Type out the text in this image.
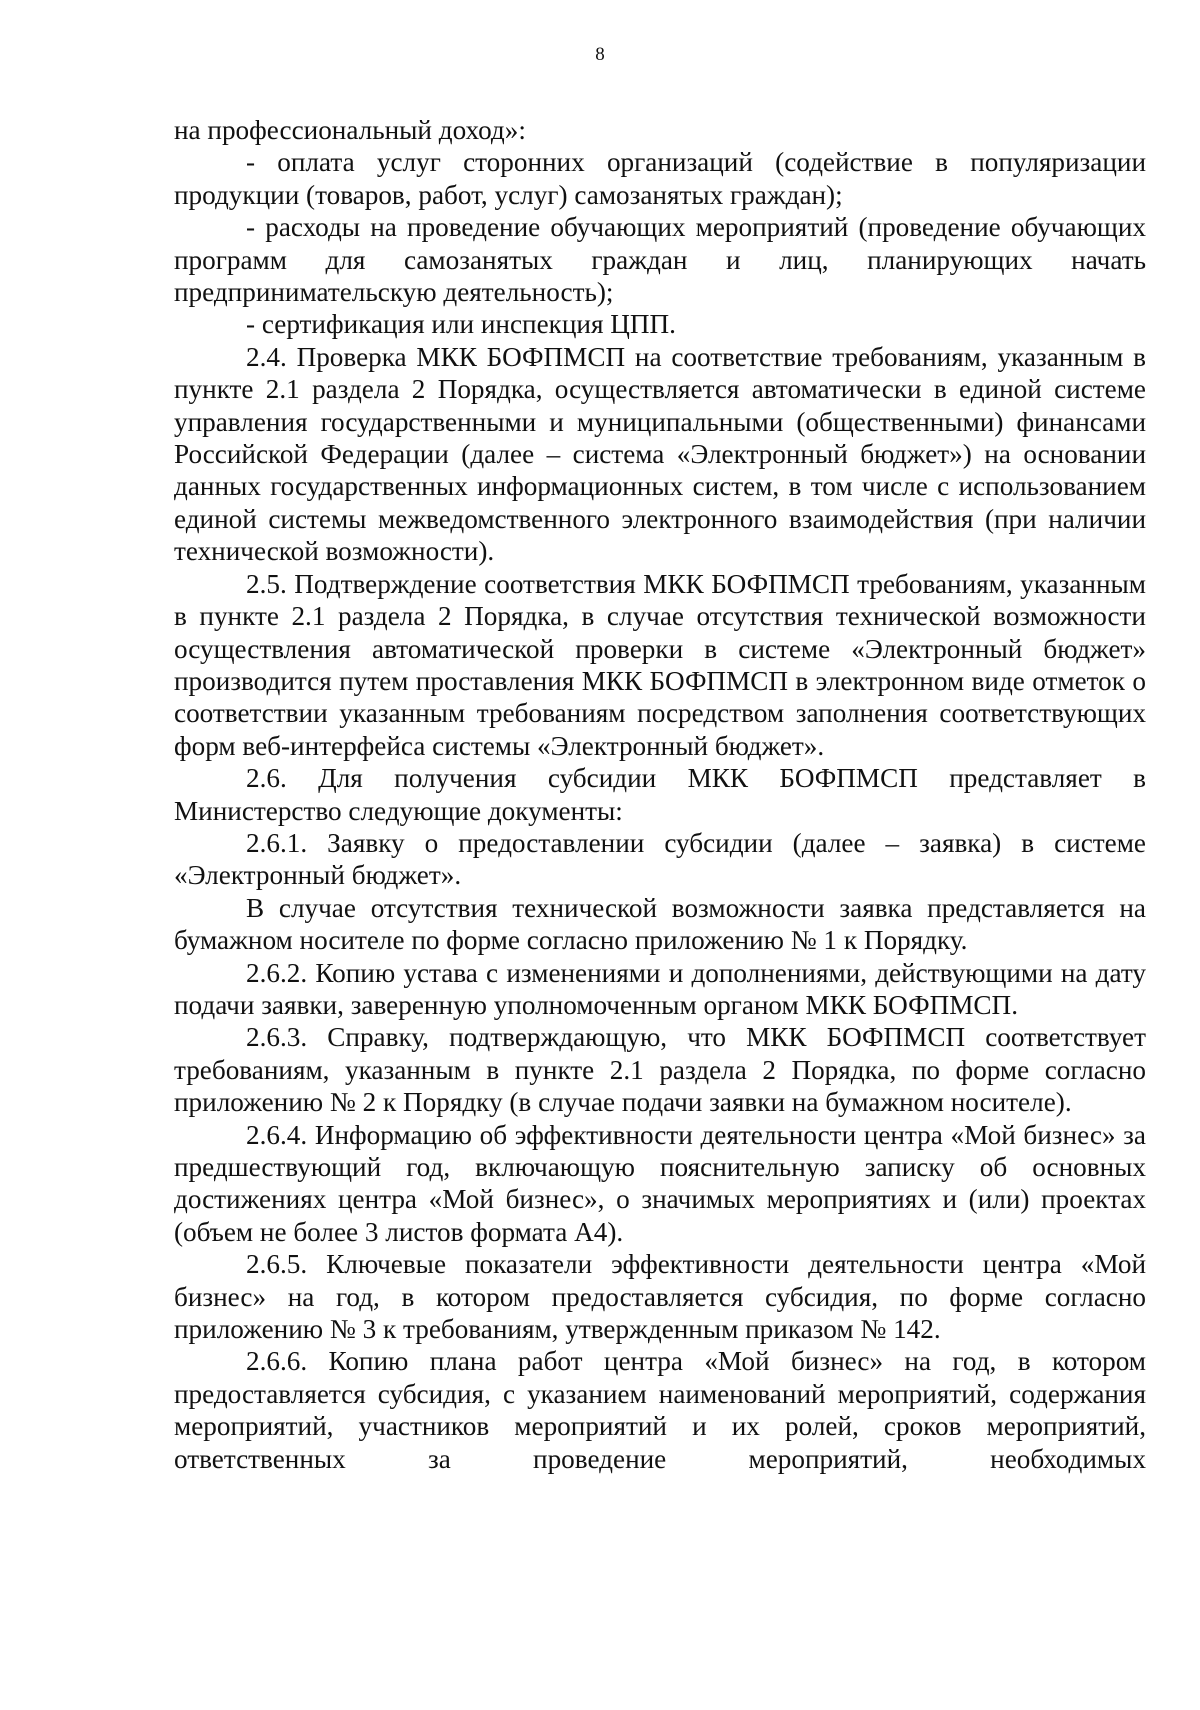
8

на профессиональный доход»:

- оплата услуг сторонних организаций (содействие в популяризации продукции (товаров, работ, услуг) самозанятых граждан);

- расходы на проведение обучающих мероприятий (проведение обучающих программ для самозанятых граждан и лиц, планирующих начать предпринимательскую деятельность);

- сертификация или инспекция ЦПП.

2.4. Проверка МКК БОФПМСП на соответствие требованиям, указанным в пункте 2.1 раздела 2 Порядка, осуществляется автоматически в единой системе управления государственными и муниципальными (общественными) финансами Российской Федерации (далее – система «Электронный бюджет») на основании данных государственных информационных систем, в том числе с использованием единой системы межведомственного электронного взаимодействия (при наличии технической возможности).

2.5. Подтверждение соответствия МКК БОФПМСП требованиям, указанным в пункте 2.1 раздела 2 Порядка, в случае отсутствия технической возможности осуществления автоматической проверки в системе «Электронный бюджет» производится путем проставления МКК БОФПМСП в электронном виде отметок о соответствии указанным требованиям посредством заполнения соответствующих форм веб-интерфейса системы «Электронный бюджет».

2.6. Для получения субсидии МКК БОФПМСП представляет в Министерство следующие документы:

2.6.1. Заявку о предоставлении субсидии (далее – заявка) в системе «Электронный бюджет».

В случае отсутствия технической возможности заявка представляется на бумажном носителе по форме согласно приложению № 1 к Порядку.

2.6.2. Копию устава с изменениями и дополнениями, действующими на дату подачи заявки, заверенную уполномоченным органом МКК БОФПМСП.

2.6.3. Справку, подтверждающую, что МКК БОФПМСП соответствует требованиям, указанным в пункте 2.1 раздела 2 Порядка, по форме согласно приложению № 2 к Порядку (в случае подачи заявки на бумажном носителе).

2.6.4. Информацию об эффективности деятельности центра «Мой бизнес» за предшествующий год, включающую пояснительную записку об основных достижениях центра «Мой бизнес», о значимых мероприятиях и (или) проектах (объем не более 3 листов формата А4).

2.6.5. Ключевые показатели эффективности деятельности центра «Мой бизнес» на год, в котором предоставляется субсидия, по форме согласно приложению № 3 к требованиям, утвержденным приказом № 142.

2.6.6. Копию плана работ центра «Мой бизнес» на год, в котором предоставляется субсидия, с указанием наименований мероприятий, содержания мероприятий, участников мероприятий и их ролей, сроков мероприятий, ответственных за проведение мероприятий, необходимых
